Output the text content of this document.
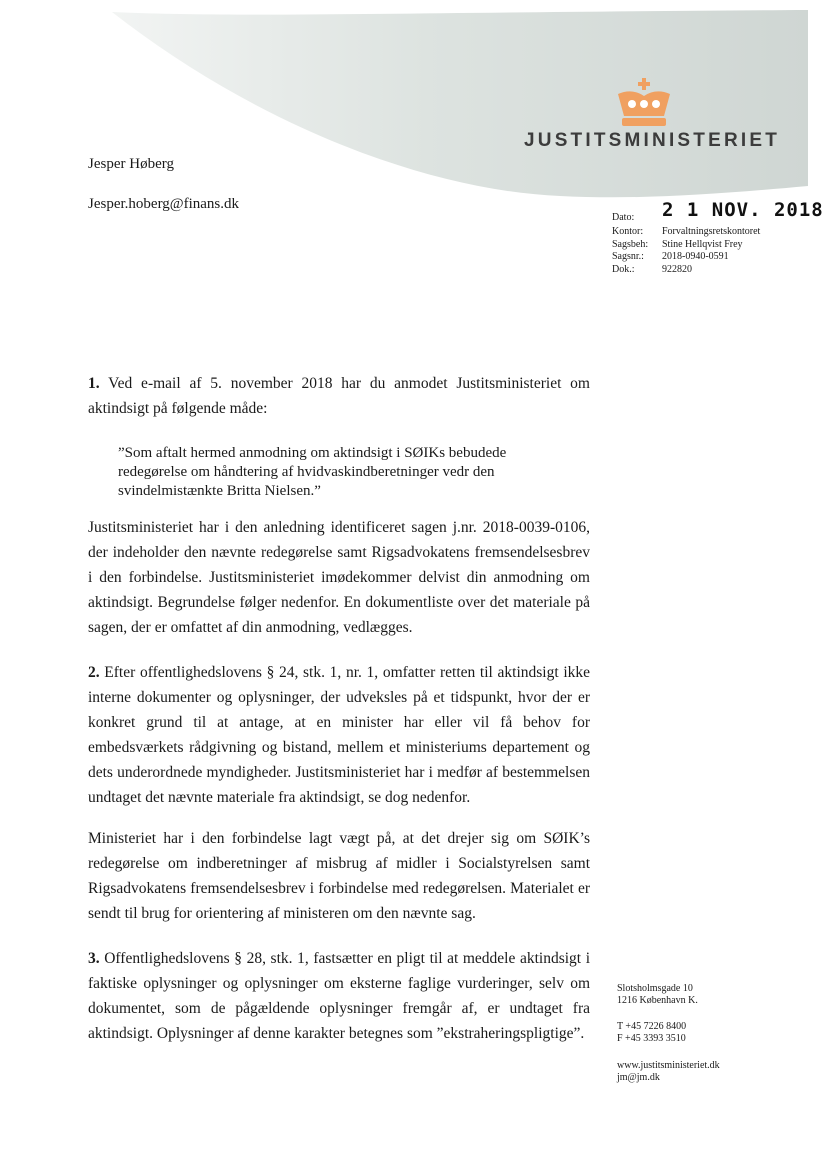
JUSTITSMINISTERIET
Jesper Høberg
Jesper.hoberg@finans.dk
Dato:	2 1 NOV. 2018
Kontor:	Forvaltningsretskontoret
Sagsbeh:	Stine Hellqvist Frey
Sagsnr.:	2018-0940-0591
Dok.:	922820

1. Ved e-mail af 5. november 2018 har du anmodet Justitsministeriet om aktindsigt på følgende måde:

”Som aftalt hermed anmodning om aktindsigt i SØIKs bebudede redegørelse om håndtering af hvidvaskindberetninger vedr den svindelmistænkte Britta Nielsen.”

Justitsministeriet har i den anledning identificeret sagen j.nr. 2018-0039-0106, der indeholder den nævnte redegørelse samt Rigsadvokatens fremsendelsesbrev i den forbindelse. Justitsministeriet imødekommer delvist din anmodning om aktindsigt. Begrundelse følger nedenfor. En dokumentliste over det materiale på sagen, der er omfattet af din anmodning, vedlægges.

2. Efter offentlighedslovens § 24, stk. 1, nr. 1, omfatter retten til aktindsigt ikke interne dokumenter og oplysninger, der udveksles på et tidspunkt, hvor der er konkret grund til at antage, at en minister har eller vil få behov for embedsværkets rådgivning og bistand, mellem et ministeriums departement og dets underordnede myndigheder. Justitsministeriet har i medfør af bestemmelsen undtaget det nævnte materiale fra aktindsigt, se dog nedenfor.

Ministeriet har i den forbindelse lagt vægt på, at det drejer sig om SØIK’s redegørelse om indberetninger af misbrug af midler i Socialstyrelsen samt Rigsadvokatens fremsendelsesbrev i forbindelse med redegørelsen. Materialet er sendt til brug for orientering af ministeren om den nævnte sag.

3. Offentlighedslovens § 28, stk. 1, fastsætter en pligt til at meddele aktindsigt i faktiske oplysninger og oplysninger om eksterne faglige vurderinger, selv om dokumentet, som de pågældende oplysninger fremgår af, er undtaget fra aktindsigt. Oplysninger af denne karakter betegnes som ”ekstraheringspligtige”.

Slotsholmsgade 10
1216 København K.
T +45 7226 8400
F +45 3393 3510
www.justitsministeriet.dk
jm@jm.dk
